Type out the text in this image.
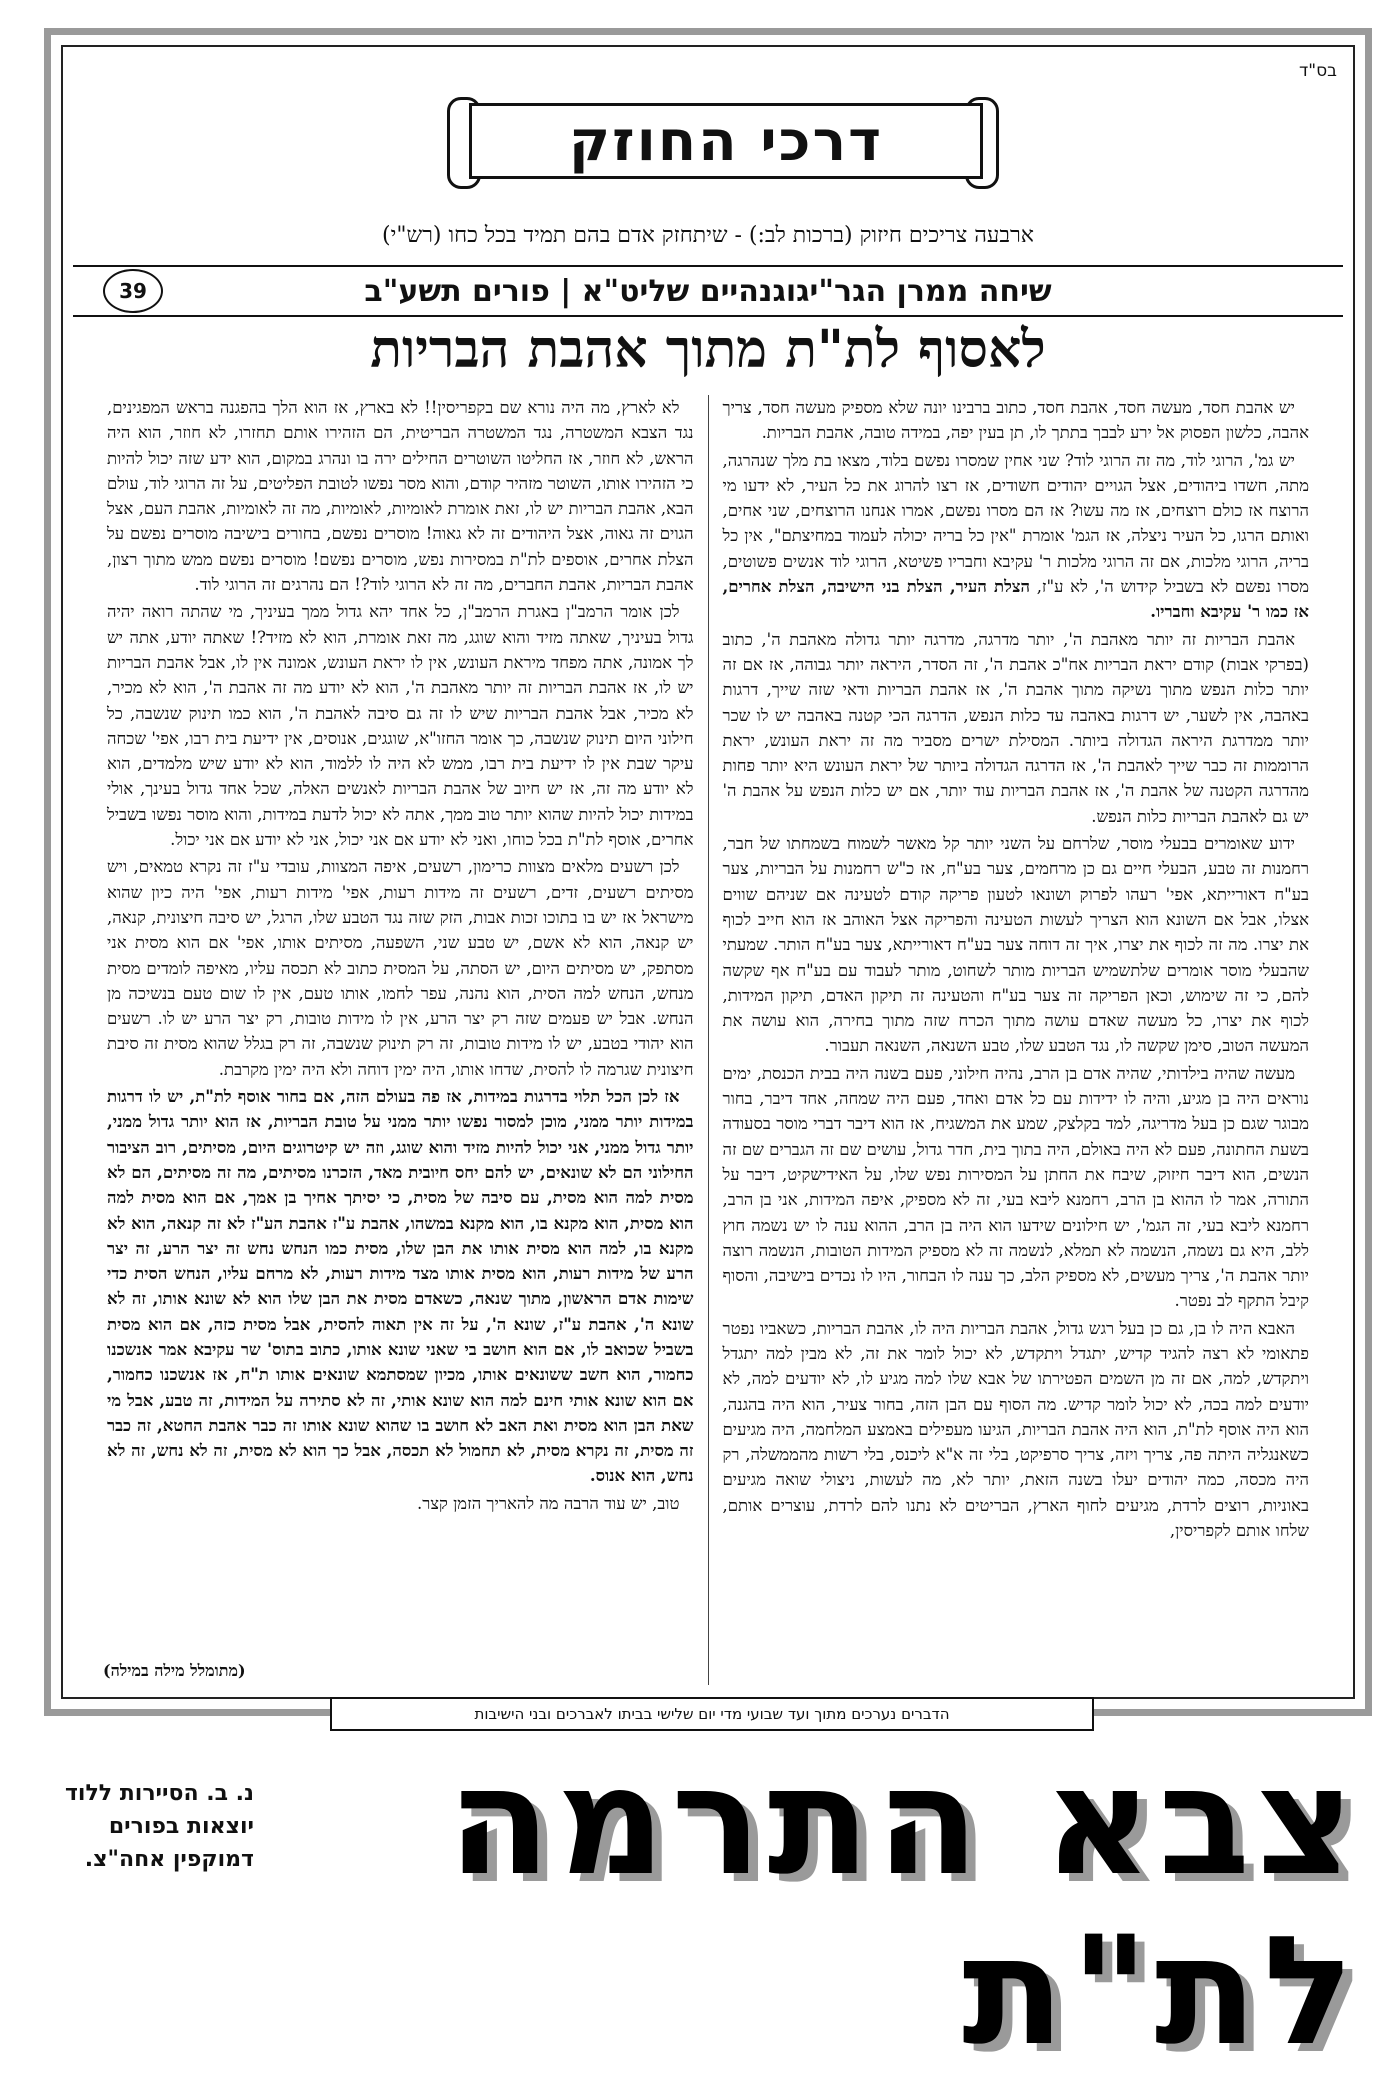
בס"ד
דרכי החוזק
ארבעה צריכים חיזוק (ברכות לב:) - שיתחזק אדם בהם תמיד בכל כחו (רש"י)
שיחה ממרן הגר"יגוגנהיים שליט"א | פורים תשע"ב
39
לאסוף לת"ת מתוך אהבת הבריות

יש אהבת חסד, מעשה חסד, אהבת חסד, כתוב ברבינו יונה שלא מספיק מעשה חסד, צריך אהבה, כלשון הפסוק אל ירע לבבך בתתך לו, תן בעין יפה, במידה טובה, אהבת הבריות.

יש גמ', הרוגי לוד, מה זה הרוגי לוד? שני אחין שמסרו נפשם בלוד, מצאו בת מלך שנהרגה, מתה, חשדו ביהודים, אצל הגויים יהודים חשודים, אז רצו להרוג את כל העיר, לא ידעו מי הרוצח אז כולם רוצחים, אז מה עשו? אז הם מסרו נפשם, אמרו אנחנו הרוצחים, שני אחים, ואותם הרגו, כל העיר ניצלה, אז הגמ' אומרת "אין כל בריה יכולה לעמוד במחיצתם", אין כל בריה, הרוגי מלכות, אם זה הרוגי מלכות ר' עקיבא וחבריו פשיטא, הרוגי לוד אנשים פשוטים, מסרו נפשם לא בשביל קידוש ה', לא ע"ז, הצלת העיר, הצלת בני הישיבה, הצלת אחרים, אז כמו ר' עקיבא וחבריו.

אהבת הבריות זה יותר מאהבת ה', יותר מדרגה, מדרגה יותר גדולה מאהבת ה', כתוב (בפרקי אבות) קודם יראת הבריות אח"כ אהבת ה', זה הסדר, היראה יותר גבוהה, אז אם זה יותר כלות הנפש מתוך נשיקה מתוך אהבת ה', אז אהבת הבריות ודאי שזה שייך, דרגות באהבה, אין לשער, יש דרגות באהבה עד כלות הנפש, הדרגה הכי קטנה באהבה יש לו שכר יותר ממדרגת היראה הגדולה ביותר. המסילת ישרים מסביר מה זה יראת העונש, יראת הרוממות זה כבר שייך לאהבת ה', אז הדרגה הגדולה ביותר של יראת העונש היא יותר פחות מהדרגה הקטנה של אהבת ה', אז אהבת הבריות עוד יותר, אם יש כלות הנפש על אהבת ה' יש גם לאהבת הבריות כלות הנפש.

ידוע שאומרים בבעלי מוסר, שלרחם על השני יותר קל מאשר לשמוח בשמחתו של חבר, רחמנות זה טבע, הבעלי חיים גם כן מרחמים, צער בע"ח, אז כ"ש רחמנות על הבריות, צער בע"ח דאורייתא, אפי' רעהו לפרוק ושונאו לטעון פריקה קודם לטעינה אם שניהם שווים אצלו, אבל אם השונא הוא הצריך לעשות הטעינה והפריקה אצל האוהב אז הוא חייב לכוף את יצרו. מה זה לכוף את יצרו, איך זה דוחה צער בע"ח דאורייתא, צער בע"ח הותר. שמעתי שהבעלי מוסר אומרים שלתשמיש הבריות מותר לשחוט, מותר לעבוד עם בע"ח אף שקשה להם, כי זה שימוש, וכאן הפריקה זה צער בע"ח והטעינה זה תיקון האדם, תיקון המידות, לכוף את יצרו, כל מעשה שאדם עושה מתוך הכרח שזה מתוך בחירה, הוא עושה את המעשה הטוב, סימן שקשה לו, נגד הטבע שלו, טבע השנאה, השנאה תעבור.

מעשה שהיה בילדותי, שהיה אדם בן הרב, נהיה חילוני, פעם בשנה היה בבית הכנסת, ימים נוראים היה בן מגיע, והיה לו ידידות עם כל אדם ואחד, פעם היה שמחה, אחד דיבר, בחור מבוגר שגם כן בעל מדריגה, למד בקלצק, שמע את המשגיח, אז הוא דיבר דברי מוסר בסעודה בשעת החתונה, פעם לא היה באולם, היה בתוך בית, חדר גדול, עושים שם זה הגברים שם זה הנשים, הוא דיבר חיזוק, שיבח את החתן על המסירות נפש שלו, על האידישקיט, דיבר על התורה, אמר לו ההוא בן הרב, רחמנא ליבא בעי, זה לא מספיק, איפה המידות, אני בן הרב, רחמנא ליבא בעי, זה הגמ', יש חילונים שידעו הוא היה בן הרב, ההוא ענה לו יש נשמה חוץ ללב, היא גם נשמה, הנשמה לא תמלא, לנשמה זה לא מספיק המידות הטובות, הנשמה רוצה יותר אהבת ה', צריך מעשים, לא מספיק הלב, כך ענה לו הבחור, היו לו נכדים בישיבה, והסוף קיבל התקף לב נפטר.

האבא היה לו בן, גם כן בעל רגש גדול, אהבת הבריות היה לו, אהבת הבריות, כשאביו נפטר פתאומי לא רצה להגיד קדיש, יתגדל ויתקדש, לא יכול לומר את זה, לא מבין למה יתגדל ויתקדש, למה, אם זה מן השמים הפטירתו של אבא שלו למה מגיע לו, לא יודעים למה, לא יודעים למה בכה, לא יכול לומר קדיש. מה הסוף עם הבן הזה, בחור צעיר, הוא היה בהגנה, הוא היה אוסף לת"ת, הוא היה אהבת הבריות, הגיעו מעפילים באמצע המלחמה, היה מגיעים כשאנגליה היתה פה, צריך ויזה, צריך סרפיקט, בלי זה א"א ליכנס, בלי רשות מהממשלה, רק היה מכסה, כמה יהודים יעלו בשנה הזאת, יותר לא, מה לעשות, ניצולי שואה מגיעים באוניות, רוצים לרדת, מגיעים לחוף הארץ, הבריטים לא נתנו להם לרדת, עוצרים אותם, שלחו אותם לקפריסין,

לא לארץ, מה היה נורא שם בקפריסין!! לא בארץ, אז הוא הלך בהפגנה בראש המפגינים, נגד הצבא המשטרה, נגד המשטרה הבריטית, הם הזהירו אותם תחזרו, לא חוזר, הוא היה הראש, לא חוזר, אז החליטו השוטרים החילים ירה בו ונהרג במקום, הוא ידע שזה יכול להיות כי הזהירו אותו, השוטר מזהיר קודם, והוא מסר נפשו לטובת הפליטים, על זה הרוגי לוד, עולם הבא, אהבת הבריות יש לו, זאת אומרת לאומיות, לאומיות, מה זה לאומיות, אהבת העם, אצל הגוים זה גאוה, אצל היהודים זה לא גאוה! מוסרים נפשם, בחורים בישיבה מוסרים נפשם על הצלת אחרים, אוספים לת"ת במסירות נפש, מוסרים נפשם! מוסרים נפשם ממש מתוך רצון, אהבת הבריות, אהבת החברים, מה זה לא הרוגי לוד?! הם נהרגים זה הרוגי לוד.

לכן אומר הרמב"ן באגרת הרמב"ן, כל אחד יהא גדול ממך בעיניך, מי שהתה רואה יהיה גדול בעיניך, שאתה מזיד והוא שוגג, מה זאת אומרת, הוא לא מזיד?! שאתה יודע, אתה יש לך אמונה, אתה מפחד מיראת העונש, אין לו יראת העונש, אמונה אין לו, אבל אהבת הבריות יש לו, אז אהבת הבריות זה יותר מאהבת ה', הוא לא יודע מה זה אהבת ה', הוא לא מכיר, לא מכיר, אבל אהבת הבריות שיש לו זה גם סיבה לאהבת ה', הוא כמו תינוק שנשבה, כל חילוני היום תינוק שנשבה, כך אומר החזו"א, שוגגים, אנוסים, אין ידיעת בית רבו, אפי' שכחה עיקר שבת אין לו ידיעת בית רבו, ממש לא היה לו ללמוד, הוא לא יודע שיש מלמדים, הוא לא יודע מה זה, אז יש חיוב של אהבת הבריות לאנשים האלה, שכל אחד גדול בעינך, אולי במידות יכול להיות שהוא יותר טוב ממך, אתה לא יכול לדעת במידות, והוא מוסר נפשו בשביל אחרים, אוסף לת"ת בכל כוחו, ואני לא יודע אם אני יכול, אני לא יודע אם אני יכול.

לכן רשעים מלאים מצוות כרימון, רשעים, איפה המצוות, עובדי ע"ז זה נקרא טמאים, ויש מסיתים רשעים, זדים, רשעים זה מידות רעות, אפי' מידות רעות, אפי' היה כיון שהוא מישראל אז יש בו בתוכו זכות אבות, הזק שזה נגד הטבע שלו, הרגל, יש סיבה חיצונית, קנאה, יש קנאה, הוא לא אשם, יש טבע שני, השפעה, מסיתים אותו, אפי' אם הוא מסית אני מסתפק, יש מסיתים היום, יש הסתה, על המסית כתוב לא תכסה עליו, מאיפה לומדים מסית מנחש, הנחש למה הסית, הוא נהנה, עפר לחמו, אותו טעם, אין לו שום טעם בנשיכה מן הנחש. אבל יש פעמים שזה רק יצר הרע, אין לו מידות טובות, רק יצר הרע יש לו. רשעים הוא יהודי בטבע, יש לו מידות טובות, זה רק תינוק שנשבה, זה רק בגלל שהוא מסית זה סיבת חיצונית שגרמה לו להסית, שדחו אותו, היה ימין דוחה ולא היה ימין מקרבת.

אז לכן הכל תלוי בדרגות במידות, אז פה בעולם הזה, אם בחור אוסף לת"ת, יש לו דרגות במידות יותר ממני, מוכן למסור נפשו יותר ממני על טובת הבריות, אז הוא יותר גדול ממני, יותר גדול ממני, אני יכול להיות מזיד והוא שוגג, וזה יש קיטרוגים היום, מסיתים, רוב הציבור החילוני הם לא שונאים, יש להם יחס חיובית מאד, הזכרנו מסיתים, מה זה מסיתים, הם לא מסית למה הוא מסית, עם סיבה של מסית, כי יסיתך אחיך בן אמך, אם הוא מסית למה הוא מסית, הוא מקנא בו, הוא מקנא במשהו, אהבת ע"ז אהבת הע"ז לא זה קנאה, הוא לא מקנא בו, למה הוא מסית אותו את הבן שלו, מסית כמו הנחש נחש זה יצר הרע, זה יצר הרע של מידות רעות, הוא מסית אותו מצד מידות רעות, לא מרחם עליו, הנחש הסית כדי שימות אדם הראשון, מתוך שנאה, כשאדם מסית את הבן שלו הוא לא שונא אותו, זה לא שונא ה', אהבת ע"ז, שונא ה', על זה אין תאוה להסית, אבל מסית כזה, אם הוא מסית בשביל שכואב לו, אם הוא חושב בי שאני שונא אותו, כתוב בתוס' שר עקיבא אמר אנשכנו כחמור, הוא חשב ששונאים אותו, מכיון שמסתמא שונאים אותו ת"ח, אז אנשכנו כחמור, אם הוא שונא אותי חינם למה הוא שונא אותי, זה לא סתירה על המידות, זה טבע, אבל מי שאת הבן הוא מסית ואת האב לא חושב בו שהוא שונא אותו זה כבר אהבת החטא, זה כבר זה מסית, זה נקרא מסית, לא תחמול לא תכסה, אבל כך הוא לא מסית, זה לא נחש, זה לא נחש, הוא אנוס.

טוב, יש עוד הרבה מה להאריך הזמן קצר.

(מתומלל מילה במילה)
הדברים נערכים מתוך ועד שבועי מדי יום שלישי בביתו לאברכים ובני הישיבות
צבא התרמה לת"ת
נ. ב. הסיירות ללוד
יוצאות בפורים
דמוקפין אחה"צ.
